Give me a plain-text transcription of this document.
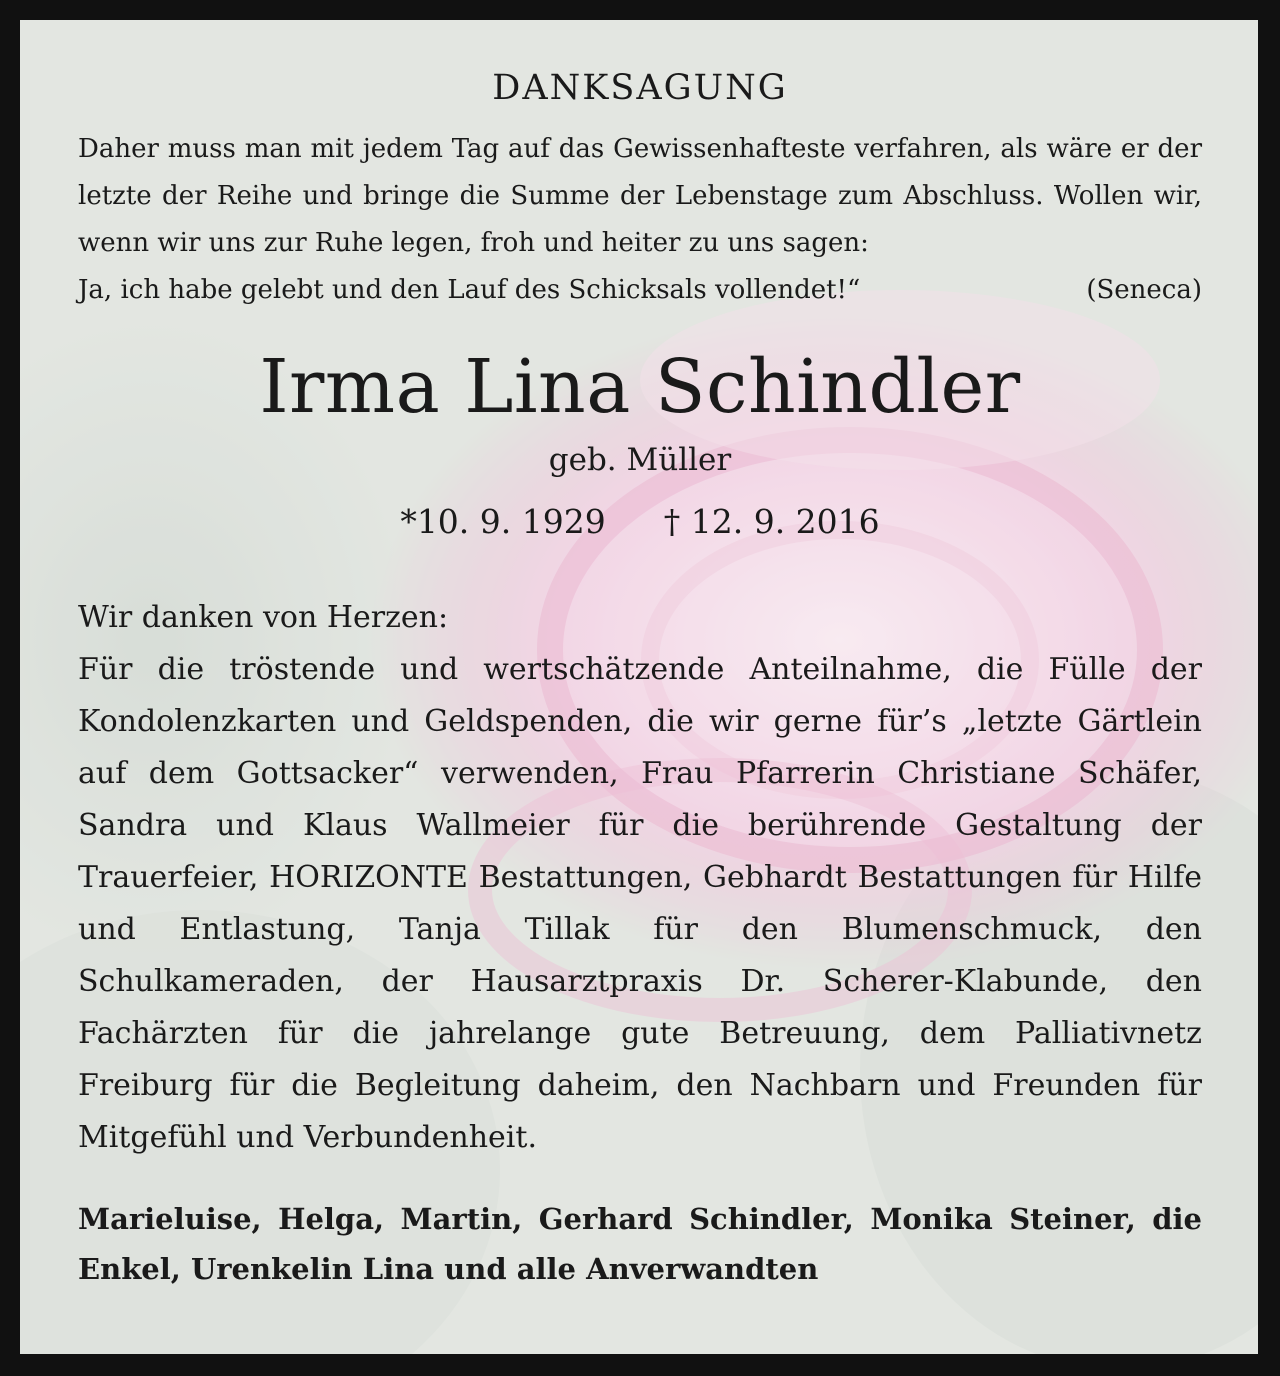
DANKSAGUNG

Daher muss man mit jedem Tag auf das Gewissenhafteste verfahren, als wäre er der letzte der Reihe und bringe die Summe der Lebenstage zum Abschluss. Wollen wir, wenn wir uns zur Ruhe legen, froh und heiter zu uns sagen:

Ja, ich habe gelebt und den Lauf des Schicksals vollendet!“	(Seneca)
Irma Lina Schindler
geb. Müller
*10. 9. 1929 † 12. 9. 2016
Wir danken von Herzen:

Für die tröstende und wertschätzende Anteilnahme, die Fülle der Kondolenzkarten und Geldspenden, die wir gerne für’s „letzte Gärtlein auf dem Gottsacker“ verwenden, Frau Pfarrerin Christiane Schäfer, Sandra und Klaus Wallmeier für die berührende Gestaltung der Trauerfeier, HORIZONTE Bestattungen, Gebhardt Bestattungen für Hilfe und Entlastung, Tanja Tillak für den Blumenschmuck, den Schulkameraden, der Hausarztpraxis Dr. Scherer-Klabunde, den Fachärzten für die jahrelange gute Betreuung, dem Palliativnetz Freiburg für die Begleitung daheim, den Nachbarn und Freunden für Mitgefühl und Verbundenheit.

Marieluise, Helga, Martin, Gerhard Schindler, Monika Steiner, die Enkel, Urenkelin Lina und alle Anverwandten
